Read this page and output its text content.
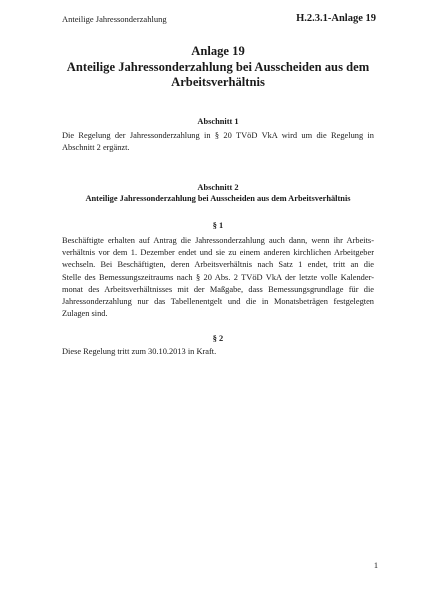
Anteilige Jahressonderzahlung	H.2.3.1-Anlage 19
Anlage 19
Anteilige Jahressonderzahlung bei Ausscheiden aus dem
Arbeitsverhältnis
Abschnitt 1
Die Regelung der Jahressonderzahlung in § 20 TVöD VkA wird um die Regelung in
Abschnitt 2 ergänzt.
Abschnitt 2
Anteilige Jahressonderzahlung bei Ausscheiden aus dem Arbeitsverhältnis
§ 1
Beschäftigte erhalten auf Antrag die Jahressonderzahlung auch dann, wenn ihr Arbeits-
verhältnis vor dem 1. Dezember endet und sie zu einem anderen kirchlichen Arbeitgeber
wechseln. Bei Beschäftigten, deren Arbeitsverhältnis nach Satz 1 endet, tritt an die
Stelle des Bemessungszeitraums nach § 20 Abs. 2 TVöD VkA der letzte volle Kalender-
monat des Arbeitsverhältnisses mit der Maßgabe, dass Bemessungsgrundlage für die
Jahressonderzahlung nur das Tabellenentgelt und die in Monatsbeträgen festgelegten
Zulagen sind.
§ 2
Diese Regelung tritt zum 30.10.2013 in Kraft.
1
